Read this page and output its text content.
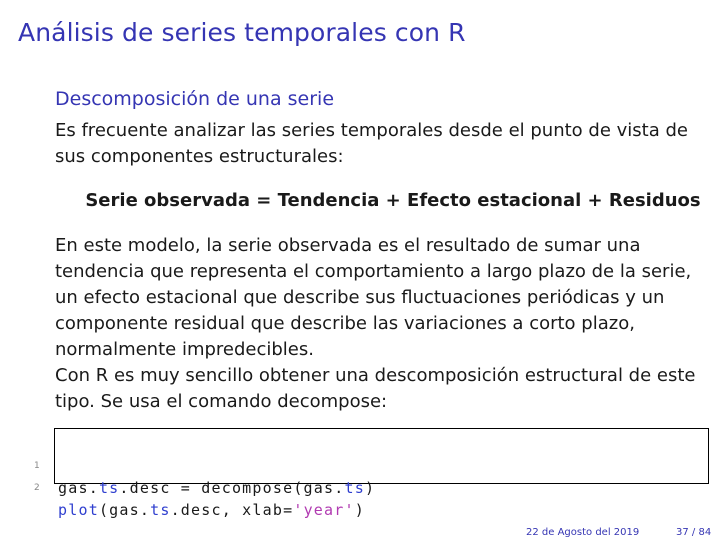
Análisis de series temporales con R
Descomposición de una serie
Es frecuente analizar las series temporales desde el punto de vista de sus componentes estructurales:
Serie observada = Tendencia + Efecto estacional + Residuos
En este modelo, la serie observada es el resultado de sumar una tendencia que representa el comportamiento a largo plazo de la serie, un efecto estacional que describe sus fluctuaciones periódicas y un componente residual que describe las variaciones a corto plazo, normalmente impredecibles.
Con R es muy sencillo obtener una descomposición estructural de este tipo. Se usa el comando decompose:

1

gas.ts.desc = decompose(gas.ts)

2

plot(gas.ts.desc, xlab='year')

22 de Agosto del 2019	37 / 84
